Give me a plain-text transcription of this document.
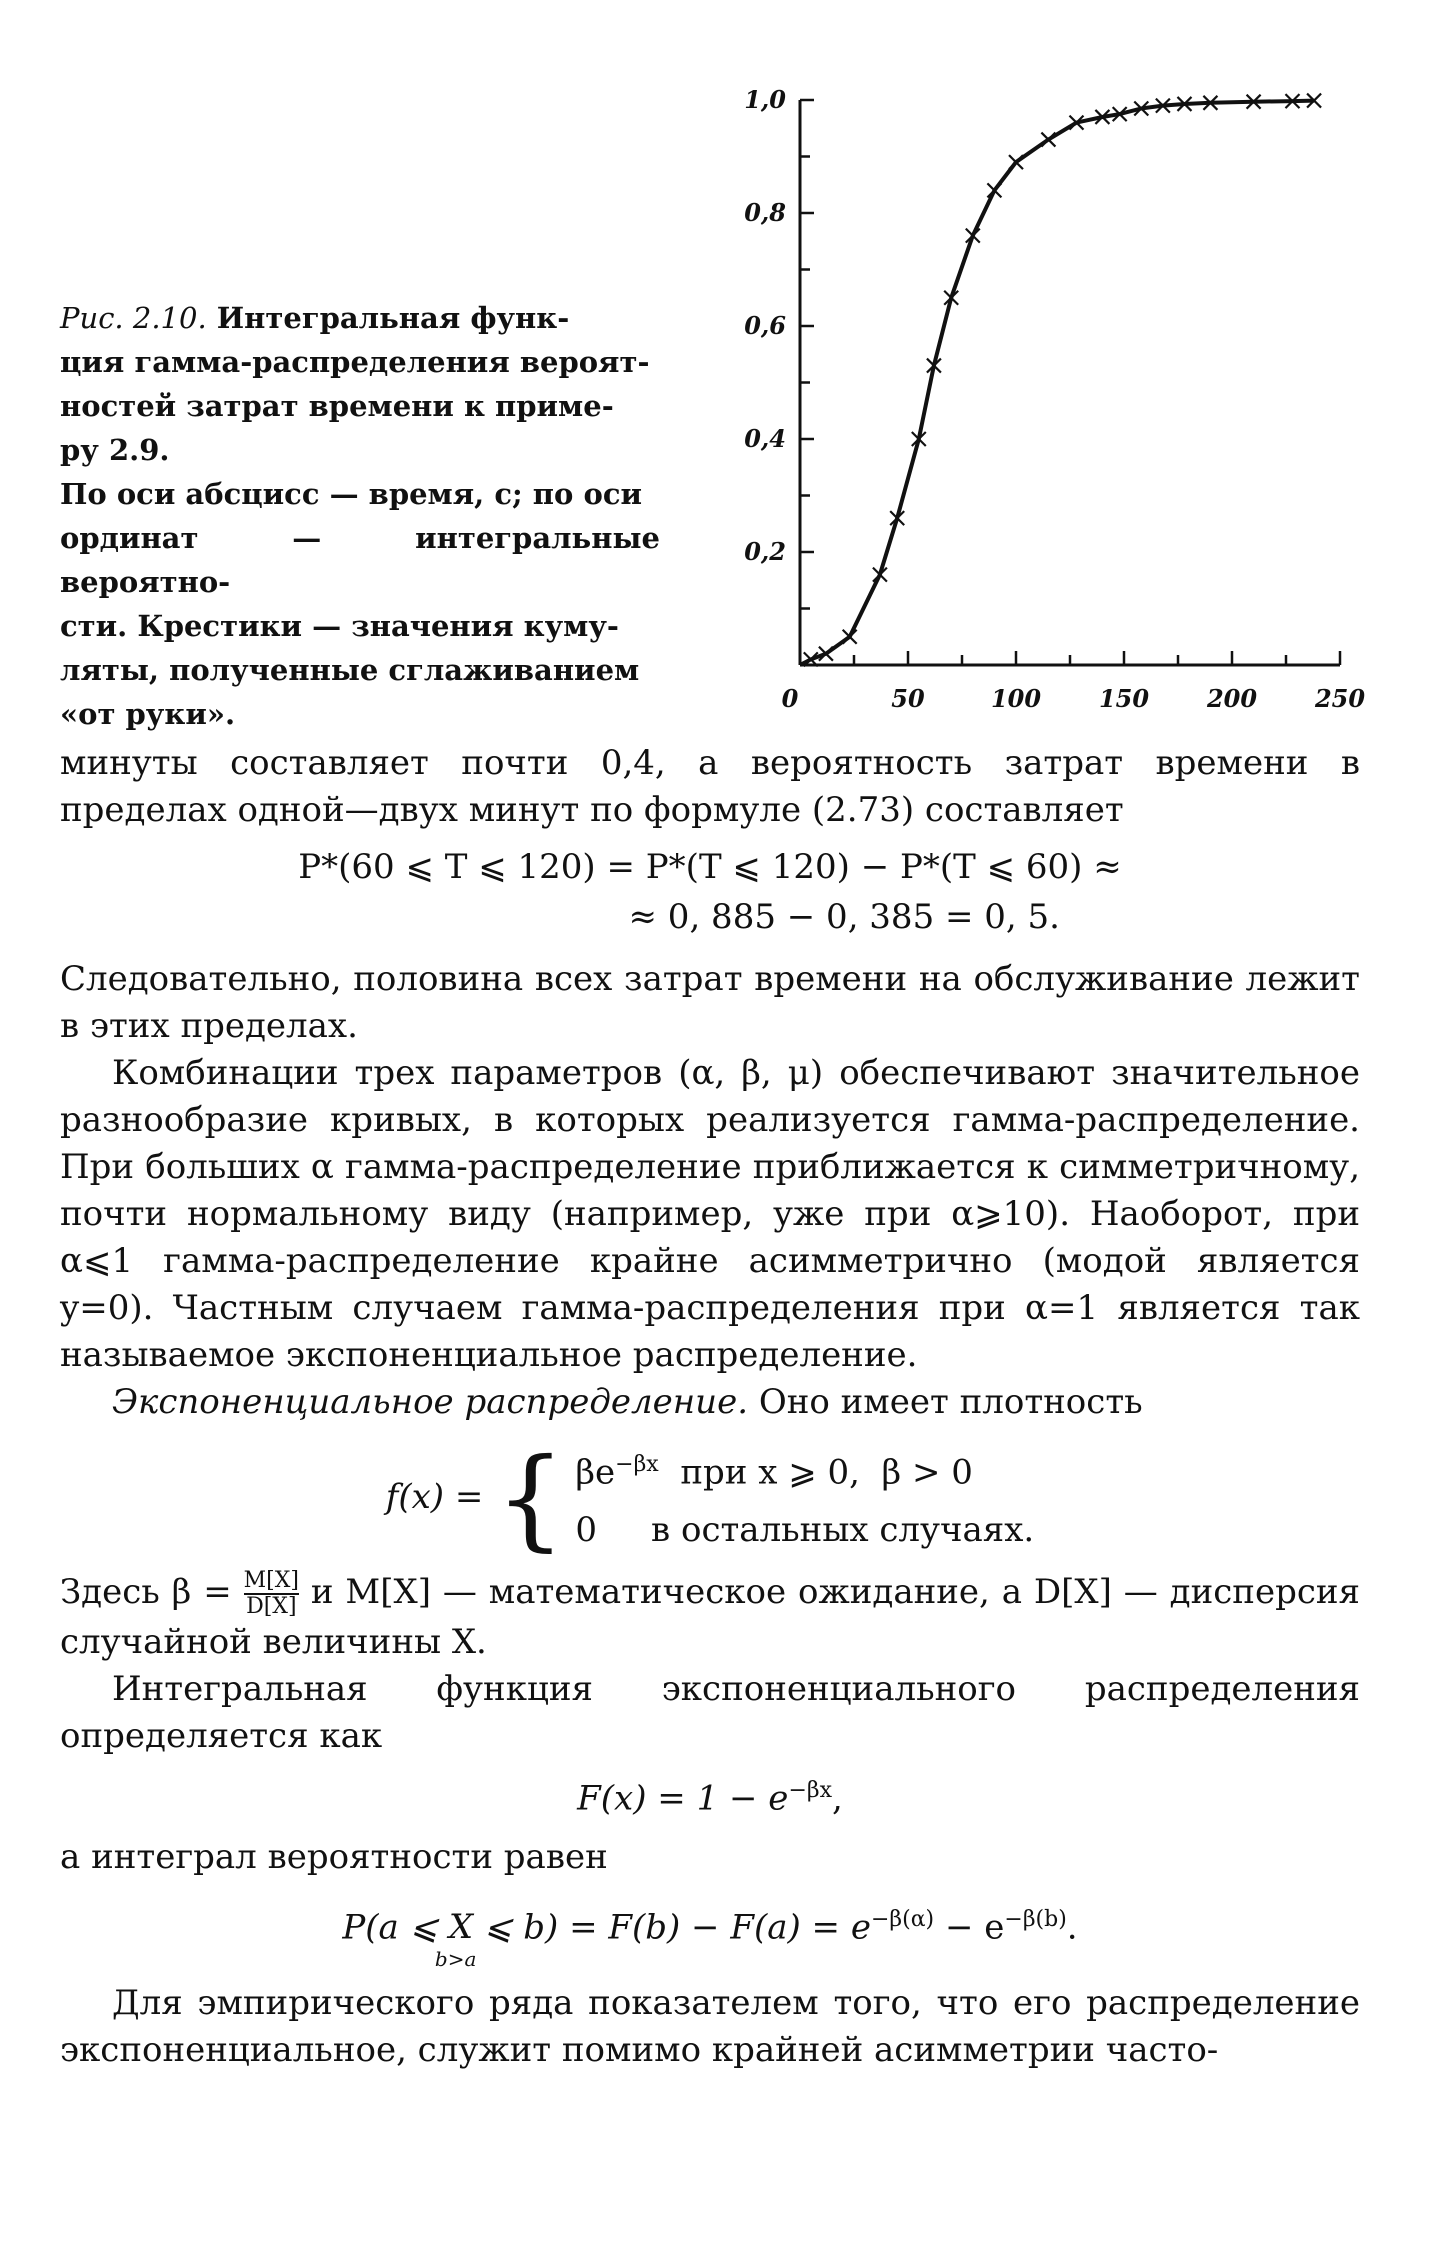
Рис. 2.10. Интегральная функ-
ция гамма-распределения вероят-
ностей затрат времени к приме-
ру 2.9.
По оси абсцисс — время, с; по оси
ординат — интегральные вероятно-
сти. Крестики — значения куму-
ляты, полученные сглаживанием
«от руки».
0,2
0,4
0,6
0,8
1,0
0	50	100 150 200 250

минуты составляет почти 0,4, а вероятность затрат времени в пределах одной—двух минут по формуле (2.73) составляет

P*(60 ⩽ T ⩽ 120) = P*(T ⩽ 120) − P*(T ⩽ 60) ≈

≈ 0, 885 − 0, 385 = 0, 5.

Следовательно, половина всех затрат времени на обслуживание лежит в этих пределах.

Комбинации трех параметров (α, β, μ) обеспечивают значительное разнообразие кривых, в которых реализуется гамма-распределение. При больших α гамма-распределение приближается к симметричному, почти нормальному виду (например, уже при α⩾10). Наоборот, при α⩽1 гамма-распределение крайне асимметрично (модой является y=0). Частным случаем гамма-распределения при α=1 является так называемое экспоненциальное распределение.

Экспоненциальное распределение. Оно имеет плотность

f(x) = { $\beta e^{-\beta x}$  при x ⩾ 0,  β > 0
0     в остальных случаях.

Здесь $\beta = \frac{M[X]}{D[X]}$ и M[X] — математическое ожидание, а D[X] — дисперсия случайной величины X.

Интегральная функция экспоненциального распределения определяется как

$F(x) = 1 - e^{-\beta x}$,

а интеграл вероятности равен

P(a ⩽ X
b>a
⩽ $b) = F(b) - F(a) = e^{-\beta(\alpha)} - e^{-\beta(b)}$.

Для эмпирического ряда показателем того, что его распределение экспоненциальное, служит помимо крайней асимметрии часто-
